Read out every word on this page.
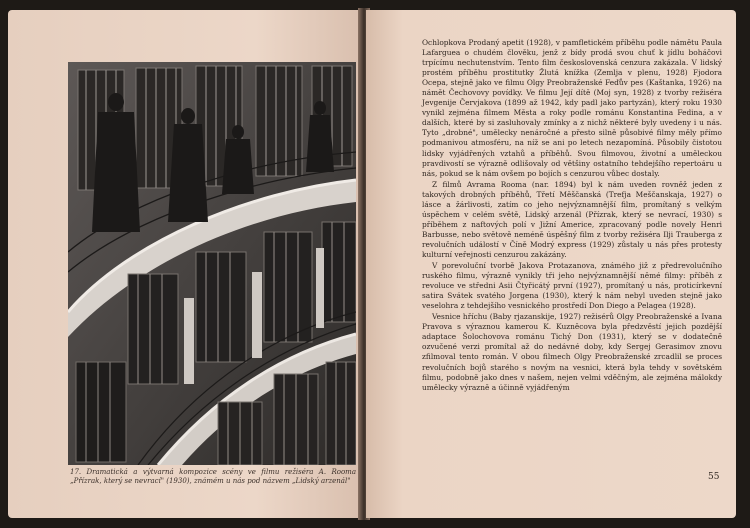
17. Dramatická a výtvarná kompozice scény ve filmu režiséra A. Rooma „Přízrak, který se nevrací" (1930), známém u nás pod názvem „Lidský arzenál"

Ochlopkova Prodaný apetit (1928), v pamfletickém příběhu podle námětu Paula Lafargueа o chudém člověku, jenž z bídy prodá svou chuť k jídlu boháčovi trpícímu nechutenstvím. Tento film československá cenzura zakázala. V lidský prostém příběhu prostitutky Žlutá knížka (Zemlja v plenu, 1928) Fjodora Ocepa, stejně jako ve filmu Olgy Preobraženské Feďův pes (Kaštanka, 1926) na námět Čechovovy povídky. Ve filmu Její dítě (Moj syn, 1928) z tvorby režiséra Jevgenije Červjakova (1899 až 1942, kdy padl jako partyzán), který roku 1930 vynikl zejména filmem Města a roky podle románu Konstantina Fedina, a v dalších, které by si zasluhovaly zmínky a z nichž některé byly uvedeny i u nás. Tyto „drobné", umělecky nenáročné a přesto silně působivé filmy měly přímo podmanivou atmosféru, na níž se ani po letech nezapomíná. Působily čistotou lidsky vyjádřených vztahů a příběhů. Svou filmovou, životní a uměleckou pravdivostí se výrazně odlišovaly od většiny ostatního tehdejšího repertoáru u nás, pokud se k nám ovšem po bojích s cenzurou vůbec dostaly.

Z filmů Avrama Rooma (nar. 1894) byl k nám uveden rovněž jeden z takových drobných příběhů, Třetí Měščanská (Trefja Meščanskaja, 1927) o lásce a žárlivosti, zatím co jeho nejvýznamnější film, promítaný s velkým úspěchem v celém světě, Lidský arzenál (Přízrak, který se nevrací, 1930) s příběhem z naftových polí v Jižní Americe, zpracovaný podle novely Henri Barbusse, nebo světově neméně úspěšný film z tvorby režiséra Ilji Trauberga z revolučních událostí v Číně Modrý express (1929) zůstaly u nás přes protesty kulturní veřejnosti cenzurou zakázány.

V porevoluční tvorbě Jakova Protazanova, známého již z předrevolučního ruského filmu, výrazně vynikly tři jeho nejvýznamnější němé filmy: příběh z revoluce ve středni Asii Čtyřicátý první (1927), promítaný u nás, proticírkevní satira Svátek svatého Jorgena (1930), který k nám nebyl uveden stejně jako veselohra z tehdejšího vesnického prostředí Don Diego a Pelagea (1928).

Vesnice hříchu (Baby rjazanskije, 1927) režisérů Olgy Preobraženské a Ivana Pravova s výraznou kamerou K. Kuzněcova byla předzvěstí jejich pozdější adaptace Šolochovova románu Tichý Don (1931), který se v dodatečně ozvučené verzi promítal až do nedávné doby, kdy Sergej Gerasimov znovu zfilmoval tento román. V obou filmech Olgy Preobraženské zrcadlil se proces revolučních bojů starého s novým na vesnici, která byla tehdy v sovětském filmu, podobně jako dnes v našem, nejen velmi vděčným, ale zejména málokdy umělecky výrazně a účinně vyjádřeným

55
